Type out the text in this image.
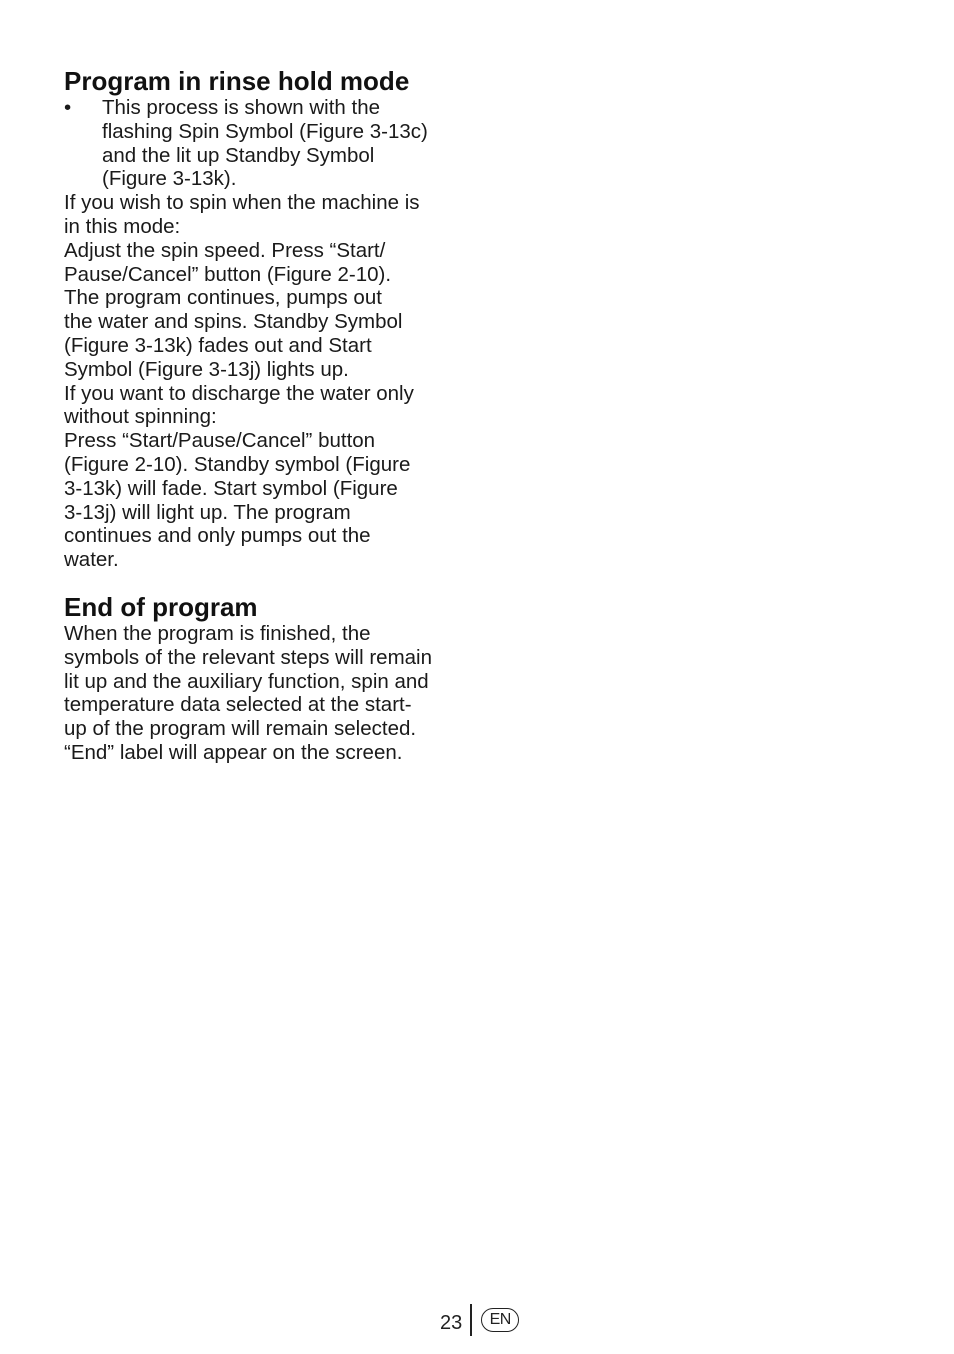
Program in rinse hold mode
•	This process is shown with the
flashing Spin Symbol (Figure 3-13c)
and the lit up Standby Symbol
(Figure 3-13k).

If you wish to spin when the machine is
in this mode:
Adjust the spin speed. Press “Start/
Pause/Cancel” button (Figure 2-10).
The program continues, pumps out
the water and spins. Standby Symbol
(Figure 3-13k) fades out and Start
Symbol (Figure 3-13j) lights up.
If you want to discharge the water only
without spinning:
Press “Start/Pause/Cancel” button
(Figure 2-10). Standby symbol (Figure
3-13k) will fade. Start symbol (Figure
3-13j) will light up. The program
continues and only pumps out the
water.

End of program

When the program is finished, the
symbols of the relevant steps will remain
lit up and the auxiliary function, spin and
temperature data selected at the start-
up of the program will remain selected.
“End” label will appear on the screen.

23	EN
